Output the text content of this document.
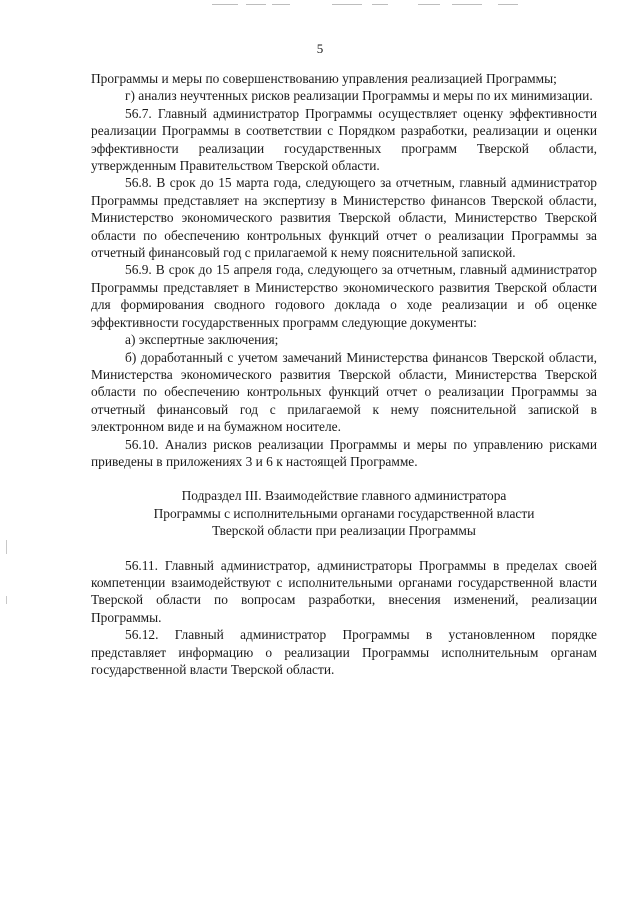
5

Программы и меры по совершенствованию управления реализацией Программы;

г) анализ неучтенных рисков реализации Программы и меры по их минимизации.

56.7. Главный администратор Программы осуществляет оценку эффективности реализации Программы в соответствии с Порядком разработки, реализации и оценки эффективности реализации государственных программ Тверской области, утвержденным Правительством Тверской области.

56.8. В срок до 15 марта года, следующего за отчетным, главный администратор Программы представляет на экспертизу в Министерство финансов Тверской области, Министерство экономического развития Тверской области, Министерство Тверской области по обеспечению контрольных функций отчет о реализации Программы за отчетный финансовый год с прилагаемой к нему пояснительной запиской.

56.9. В срок до 15 апреля года, следующего за отчетным, главный администратор Программы представляет в Министерство экономического развития Тверской области для формирования сводного годового доклада о ходе реализации и об оценке эффективности государственных программ следующие документы:

а) экспертные заключения;

б) доработанный с учетом замечаний Министерства финансов Тверской области, Министерства экономического развития Тверской области, Министерства Тверской области по обеспечению контрольных функций отчет о реализации Программы за отчетный финансовый год с прилагаемой к нему пояснительной запиской в электронном виде и на бумажном носителе.

56.10. Анализ рисков реализации Программы и меры по управлению рисками приведены в приложениях 3 и 6 к настоящей Программе.

Подраздел III. Взаимодействие главного администратора

Программы с исполнительными органами государственной власти

Тверской области при реализации Программы

56.11. Главный администратор, администраторы Программы в пределах своей компетенции взаимодействуют с исполнительными органами государственной власти Тверской области по вопросам разработки, внесения изменений, реализации Программы.

56.12. Главный администратор Программы в установленном порядке представляет информацию о реализации Программы исполнительным органам государственной власти Тверской области.
